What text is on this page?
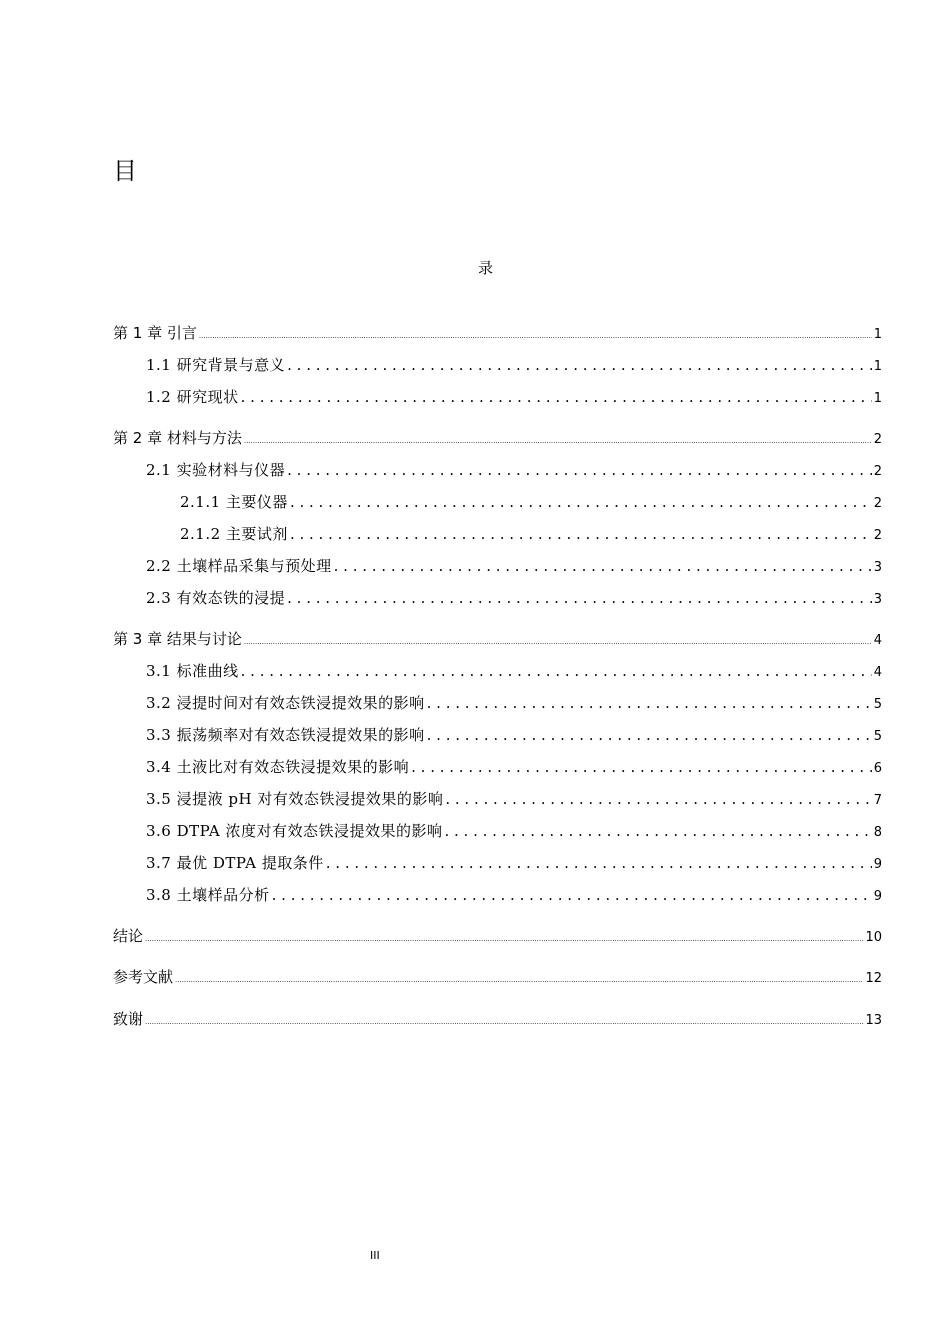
目
录
第 1 章 引言 .....	1
1.1 研究背景与意义 . . .	1
1.2 研究现状 . . .	1
第 2 章 材料与方法 .....	2
2.1 实验材料与仪器 . . .	2
2.1.1 主要仪器 . . .	2
2.1.2 主要试剂 . . .	2
2.2 土壤样品采集与预处理 . . .	3
2.3 有效态铁的浸提 . . .	3
第 3 章 结果与讨论 .....	4
3.1 标准曲线 . . .	4
3.2 浸提时间对有效态铁浸提效果的影响 . . .	5
3.3 振荡频率对有效态铁浸提效果的影响 . . .	5
3.4 土液比对有效态铁浸提效果的影响 . . .	6
3.5 浸提液 pH 对有效态铁浸提效果的影响 . . .	7
3.6 DTPA 浓度对有效态铁浸提效果的影响 . . .	8
3.7 最优 DTPA 提取条件 . . .	9
3.8 土壤样品分析 . . .	9
结论 .....	10
参考文献 .....	12
致谢 .....	13
III
